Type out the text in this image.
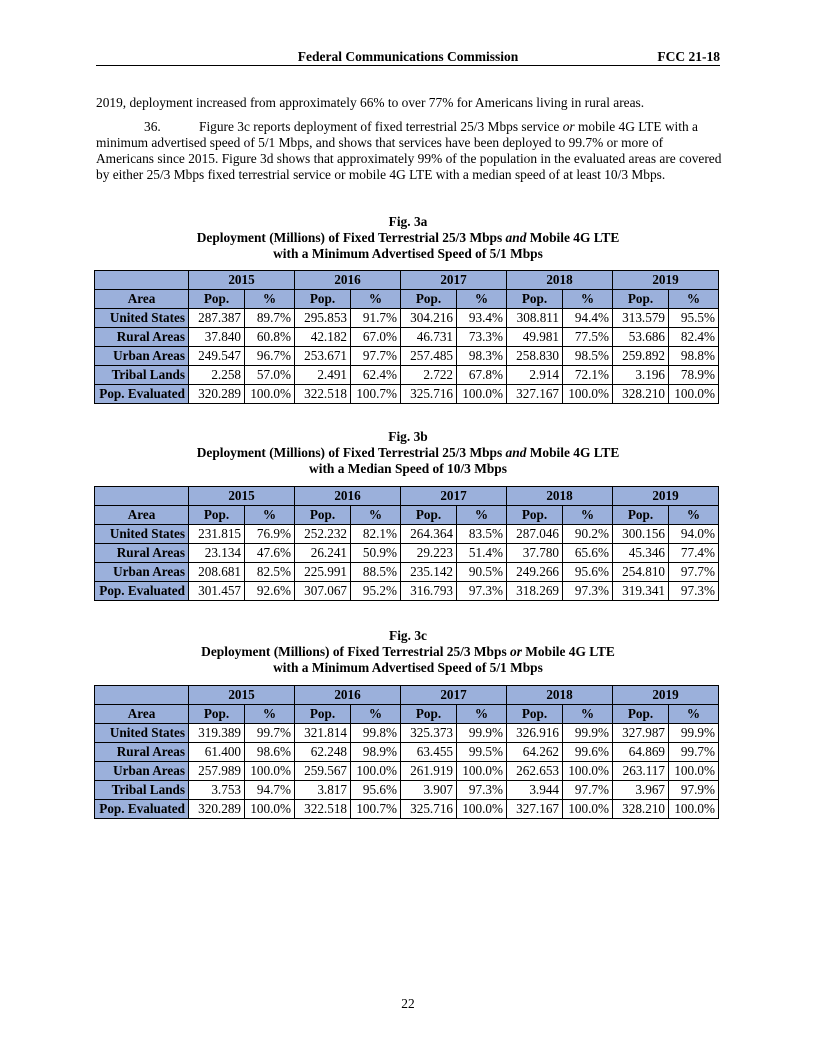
Federal Communications Commission	FCC 21-18
2019, deployment increased from approximately 66% to over 77% for Americans living in rural areas.
36.	Figure 3c reports deployment of fixed terrestrial 25/3 Mbps service or mobile 4G LTE with a minimum advertised speed of 5/1 Mbps, and shows that services have been deployed to 99.7% or more of Americans since 2015. Figure 3d shows that approximately 99% of the population in the evaluated areas are covered by either 25/3 Mbps fixed terrestrial service or mobile 4G LTE with a median speed of at least 10/3 Mbps.
Fig. 3a
Deployment (Millions) of Fixed Terrestrial 25/3 Mbps and Mobile 4G LTE
with a Minimum Advertised Speed of 5/1 Mbps
	2015		2016		2017		2018		2019	
Area	Pop.	%	Pop.	%	Pop.	%	Pop.	%	Pop.	%
United States	287.387	89.7%	295.853	91.7%	304.216	93.4%	308.811	94.4%	313.579	95.5%
Rural Areas	37.840	60.8%	42.182	67.0%	46.731	73.3%	49.981	77.5%	53.686	82.4%
Urban Areas	249.547	96.7%	253.671	97.7%	257.485	98.3%	258.830	98.5%	259.892	98.8%
Tribal Lands	2.258	57.0%	2.491	62.4%	2.722	67.8%	2.914	72.1%	3.196	78.9%
Pop. Evaluated	320.289	100.0%	322.518	100.7%	325.716	100.0%	327.167	100.0%	328.210	100.0%
Fig. 3b
Deployment (Millions) of Fixed Terrestrial 25/3 Mbps and Mobile 4G LTE
with a Median Speed of 10/3 Mbps
	2015		2016		2017		2018		2019	
Area	Pop.	%	Pop.	%	Pop.	%	Pop.	%	Pop.	%
United States	231.815	76.9%	252.232	82.1%	264.364	83.5%	287.046	90.2%	300.156	94.0%
Rural Areas	23.134	47.6%	26.241	50.9%	29.223	51.4%	37.780	65.6%	45.346	77.4%
Urban Areas	208.681	82.5%	225.991	88.5%	235.142	90.5%	249.266	95.6%	254.810	97.7%
Pop. Evaluated	301.457	92.6%	307.067	95.2%	316.793	97.3%	318.269	97.3%	319.341	97.3%
Fig. 3c
Deployment (Millions) of Fixed Terrestrial 25/3 Mbps or Mobile 4G LTE
with a Minimum Advertised Speed of 5/1 Mbps
	2015		2016		2017		2018		2019	
Area	Pop.	%	Pop.	%	Pop.	%	Pop.	%	Pop.	%
United States	319.389	99.7%	321.814	99.8%	325.373	99.9%	326.916	99.9%	327.987	99.9%
Rural Areas	61.400	98.6%	62.248	98.9%	63.455	99.5%	64.262	99.6%	64.869	99.7%
Urban Areas	257.989	100.0%	259.567	100.0%	261.919	100.0%	262.653	100.0%	263.117	100.0%
Tribal Lands	3.753	94.7%	3.817	95.6%	3.907	97.3%	3.944	97.7%	3.967	97.9%
Pop. Evaluated	320.289	100.0%	322.518	100.7%	325.716	100.0%	327.167	100.0%	328.210	100.0%
22
